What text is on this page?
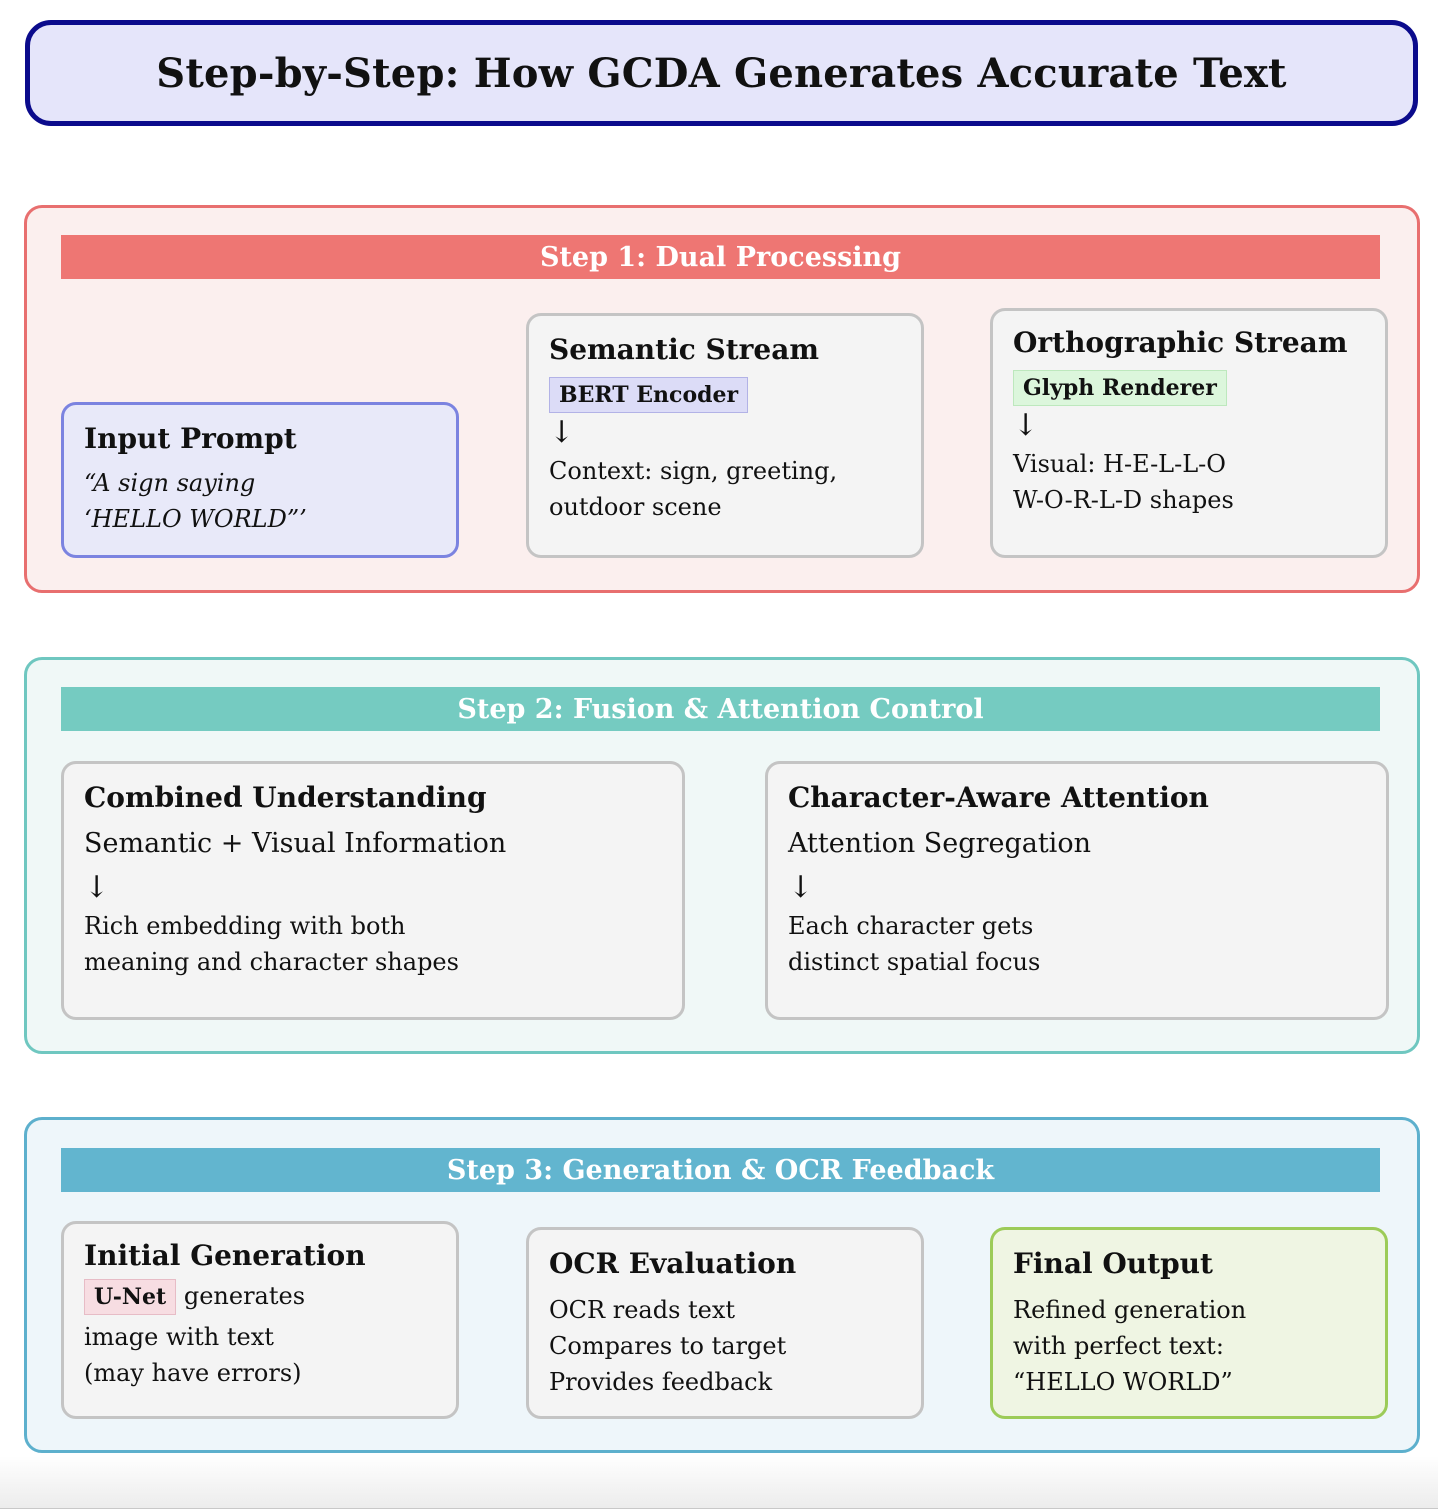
Step-by-Step: How GCDA Generates Accurate Text
Step 1: Dual Processing
Input Prompt
“A sign saying
‘HELLO WORLD”’
Semantic Stream
BERT Encoder
↓
Context: sign, greeting,
outdoor scene
Orthographic Stream
Glyph Renderer
↓
Visual: H-E-L-L-O
W-O-R-L-D shapes
Step 2: Fusion & Attention Control
Combined Understanding
Semantic + Visual Information
↓
Rich embedding with both
meaning and character shapes
Character-Aware Attention
Attention Segregation
↓
Each character gets
distinct spatial focus
Step 3: Generation & OCR Feedback
Initial Generation
U-Net generates
image with text
(may have errors)
OCR Evaluation
OCR reads text
Compares to target
Provides feedback
Final Output
Refined generation
with perfect text:
“HELLO WORLD”
